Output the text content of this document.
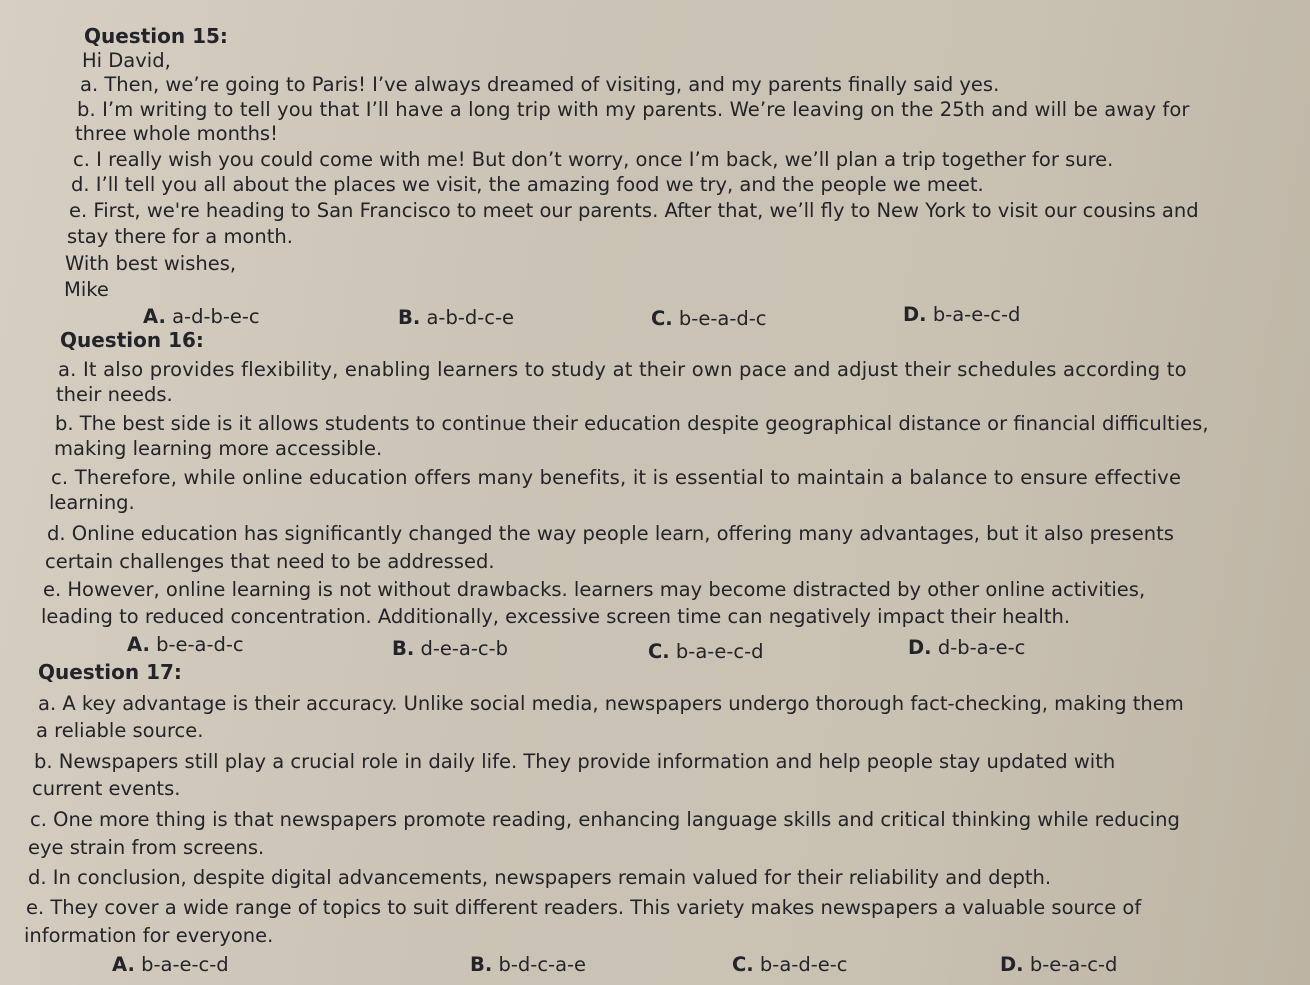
Question 15:
Hi David,
a. Then, we’re going to Paris! I’ve always dreamed of visiting, and my parents finally said yes.
b. I’m writing to tell you that I’ll have a long trip with my parents. We’re leaving on the 25th and will be away for
three whole months!
c. I really wish you could come with me! But don’t worry, once I’m back, we’ll plan a trip together for sure.
d. I’ll tell you all about the places we visit, the amazing food we try, and the people we meet.
e. First, we're heading to San Francisco to meet our parents. After that, we’ll fly to New York to visit our cousins and
stay there for a month.
With best wishes,
Mike
A. a-d-b-e-c	B. a-b-d-c-e	C. b-e-a-d-c	D. b-a-e-c-d
Question 16:
a. It also provides flexibility, enabling learners to study at their own pace and adjust their schedules according to
their needs.
b. The best side is it allows students to continue their education despite geographical distance or financial difficulties,
making learning more accessible.
c. Therefore, while online education offers many benefits, it is essential to maintain a balance to ensure effective
learning.
d. Online education has significantly changed the way people learn, offering many advantages, but it also presents
certain challenges that need to be addressed.
e. However, online learning is not without drawbacks. learners may become distracted by other online activities,
leading to reduced concentration. Additionally, excessive screen time can negatively impact their health.
A. b-e-a-d-c	B. d-e-a-c-b	C. b-a-e-c-d	D. d-b-a-e-c
Question 17:
a. A key advantage is their accuracy. Unlike social media, newspapers undergo thorough fact-checking, making them
a reliable source.
b. Newspapers still play a crucial role in daily life. They provide information and help people stay updated with
current events.
c. One more thing is that newspapers promote reading, enhancing language skills and critical thinking while reducing
eye strain from screens.
d. In conclusion, despite digital advancements, newspapers remain valued for their reliability and depth.
e. They cover a wide range of topics to suit different readers. This variety makes newspapers a valuable source of
information for everyone.
A. b-a-e-c-d	B. b-d-c-a-e	C. b-a-d-e-c	D. b-e-a-c-d
